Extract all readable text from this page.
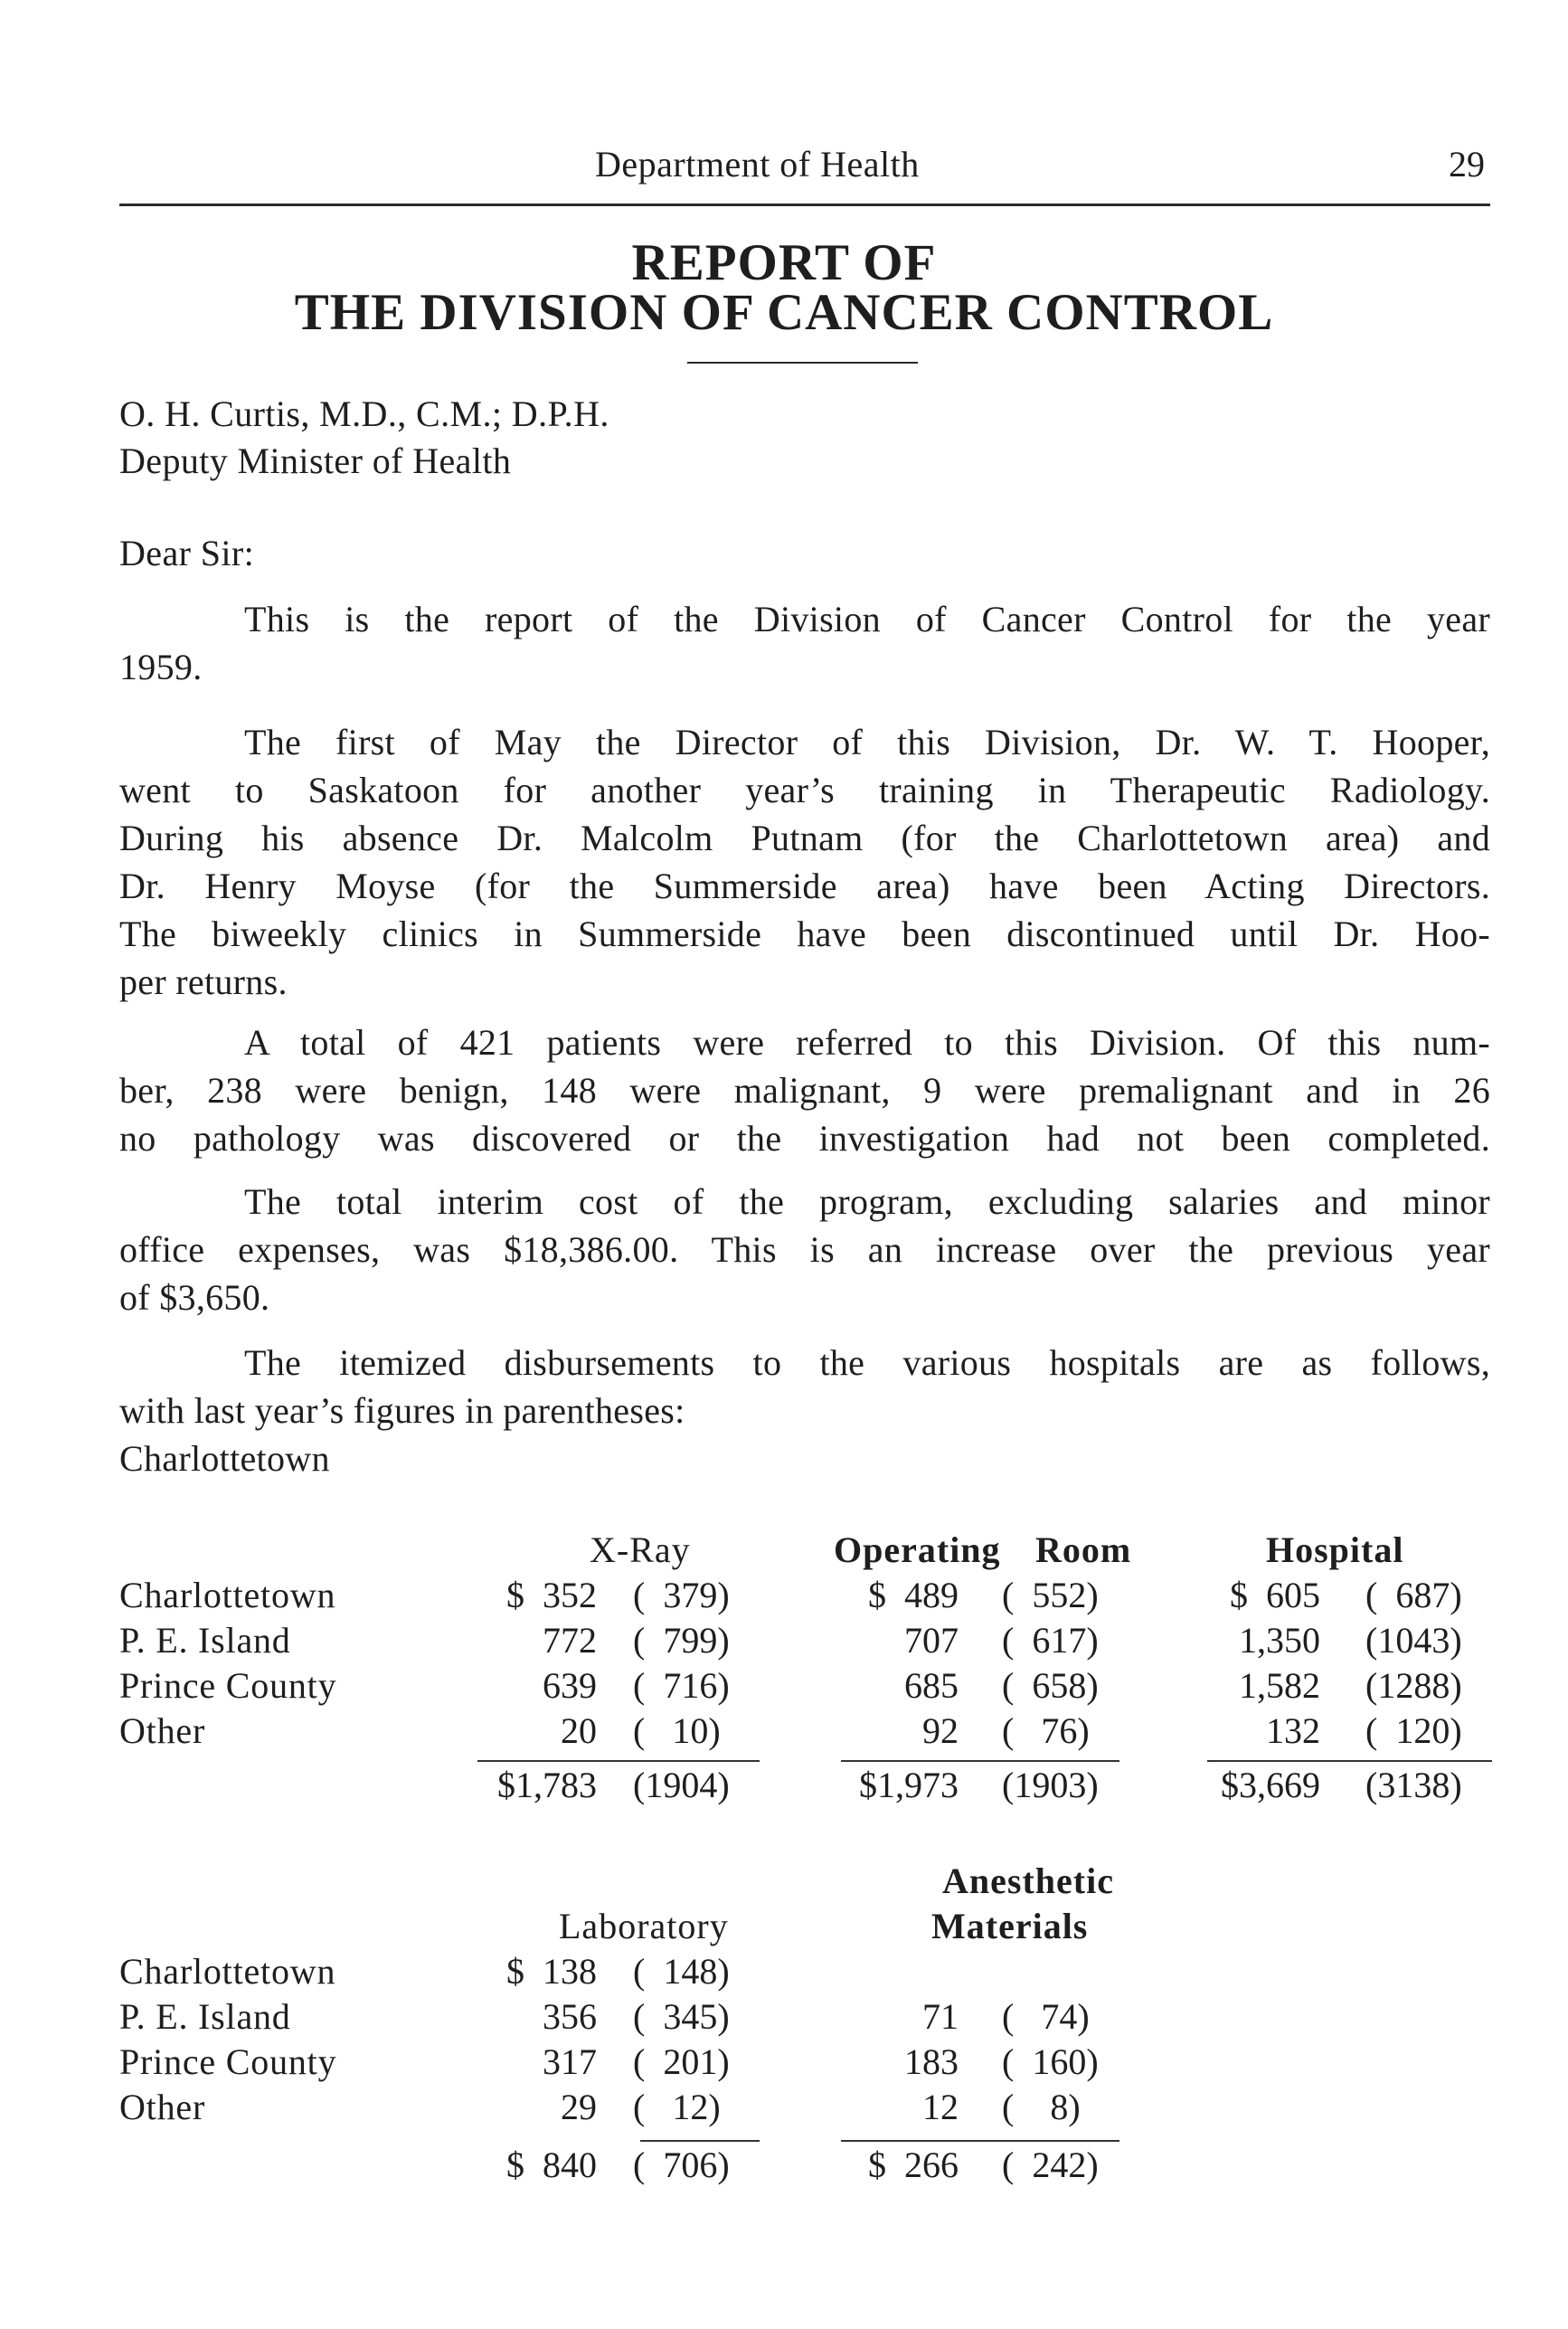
Department of Health	29
REPORT OF
THE DIVISION OF CANCER CONTROL
O. H. Curtis, M.D., C.M.; D.P.H.
Deputy Minister of Health
Dear Sir:
This is the report of the Division of Cancer Control for the year
1959.
The first of May the Director of this Division, Dr. W. T. Hooper,
went to Saskatoon for another year’s training in Therapeutic Radiology.
During his absence Dr. Malcolm Putnam (for the Charlottetown area) and
Dr. Henry Moyse (for the Summerside area) have been Acting Directors.
The biweekly clinics in Summerside have been discontinued until Dr. Hoo-
per returns.
A total of 421 patients were referred to this Division. Of this num-
ber, 238 were benign, 148 were malignant, 9 were premalignant and in 26
no pathology was discovered or the investigation had not been completed.
The total interim cost of the program, excluding salaries and minor
office expenses, was $18,386.00. This is an increase over the previous year
of $3,650.
The itemized disbursements to the various hospitals are as follows,
with last year’s figures in parentheses:
Charlottetown
X-Ray	Operating Room	Hospital
Charlottetown	$  352 (  379)	$  489 (  552)	$  605 (  687)
P. E. Island	772 (  799)	707 (  617)	1,350 (1043)
Prince County	639 (  716)	685 (  658)	1,582 (1288)
Other	20 (   10)	92 (   76)	132 (  120)
$1,783 (1904)	$1,973 (1903)	$3,669 (3138)
Anesthetic
Laboratory	Materials
Charlottetown	$  138 (  148)
P. E. Island	356 (  345)	71 (   74)
Prince County	317 (  201)	183 (  160)
Other	29 (   12)	12 (    8)
$  840 (  706)	$  266 (  242)
